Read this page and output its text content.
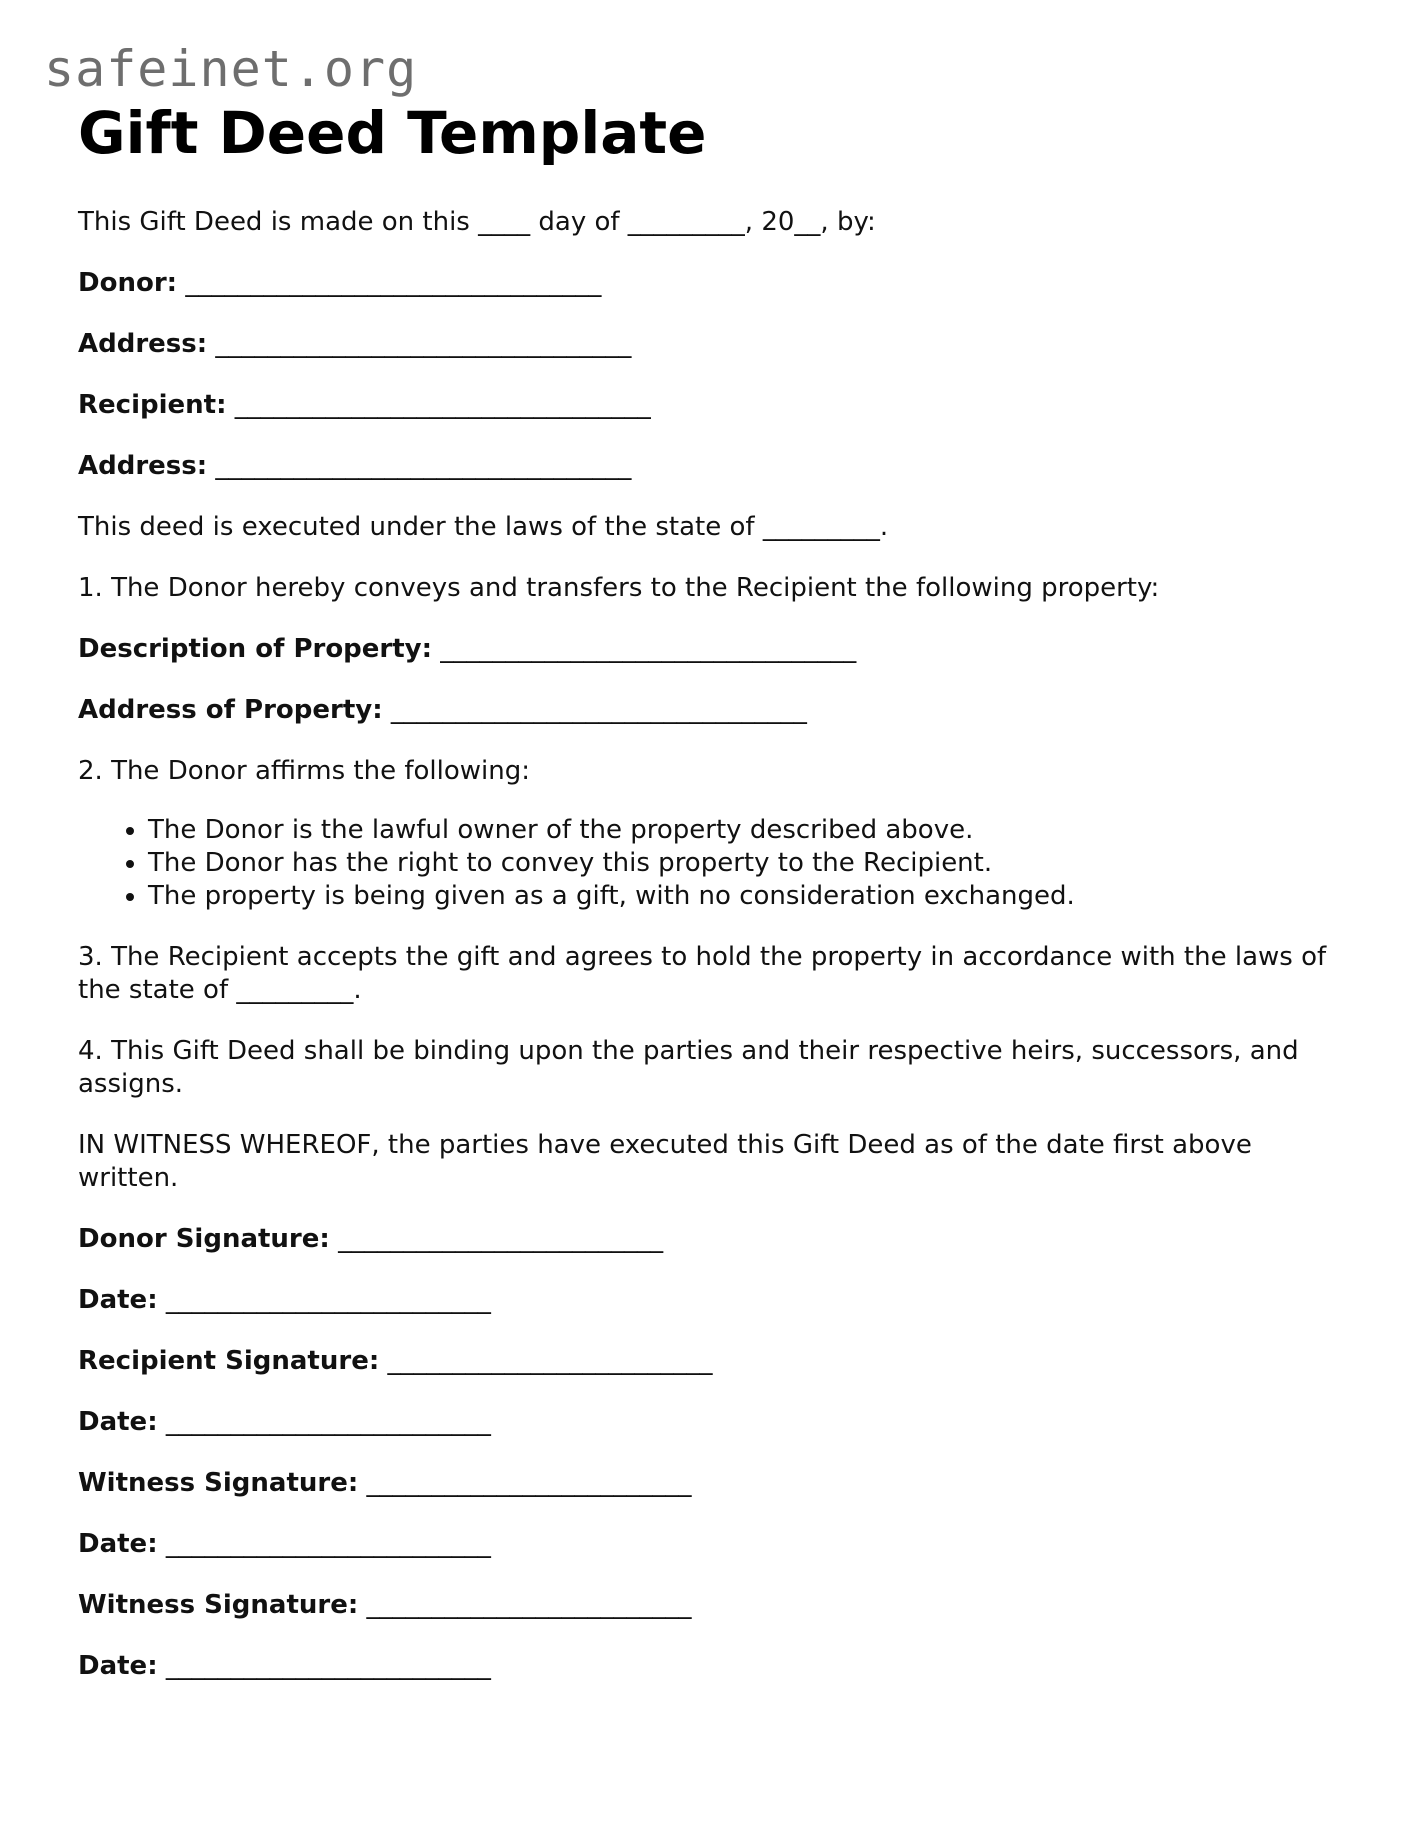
safeinet.org
Gift Deed Template

This Gift Deed is made on this ____ day of _________, 20__, by:

Donor: ________________________________

Address: ________________________________

Recipient: ________________________________

Address: ________________________________

This deed is executed under the laws of the state of _________.

1. The Donor hereby conveys and transfers to the Recipient the following property:

Description of Property: ________________________________

Address of Property: ________________________________

2. The Donor affirms the following:

• The Donor is the lawful owner of the property described above.
• The Donor has the right to convey this property to the Recipient.
• The property is being given as a gift, with no consideration exchanged.

3. The Recipient accepts the gift and agrees to hold the property in accordance with the laws of the state of _________.

4. This Gift Deed shall be binding upon the parties and their respective heirs, successors, and assigns.

IN WITNESS WHEREOF, the parties have executed this Gift Deed as of the date first above written.

Donor Signature: _________________________

Date: _________________________

Recipient Signature: _________________________

Date: _________________________

Witness Signature: _________________________

Date: _________________________

Witness Signature: _________________________

Date: _________________________
